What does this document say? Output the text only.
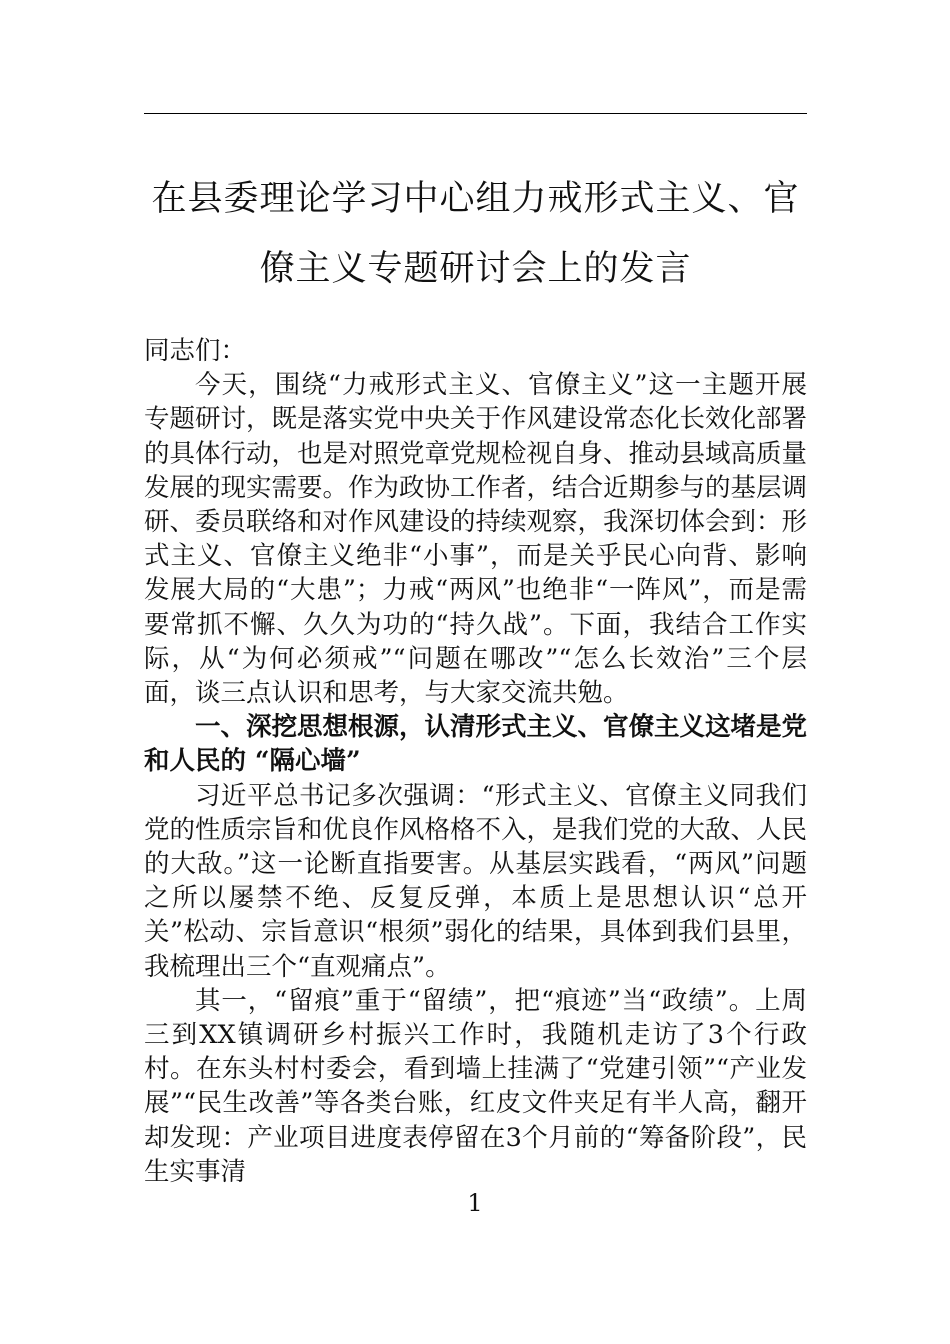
在县委理论学习中心组力戒形式主义、官僚主义专题研讨会上的发言

同志们：

今天，围绕“力戒形式主义、官僚主义”这一主题开展专题研讨，既是落实党中央关于作风建设常态化长效化部署的具体行动，也是对照党章党规检视自身、推动县域高质量发展的现实需要。作为政协工作者，结合近期参与的基层调研、委员联络和对作风建设的持续观察，我深切体会到：形式主义、官僚主义绝非“小事”，而是关乎民心向背、影响发展大局的“大患”；力戒“两风”也绝非“一阵风”，而是需要常抓不懈、久久为功的“持久战”。下面，我结合工作实际，从“为何必须戒”“问题在哪改”“怎么长效治”三个层面，谈三点认识和思考，与大家交流共勉。

一、深挖思想根源，认清形式主义、官僚主义这堵是党和人民的 “隔心墙”

习近平总书记多次强调：“形式主义、官僚主义同我们党的性质宗旨和优良作风格格不入，是我们党的大敌、人民的大敌。”这一论断直指要害。从基层实践看，“两风”问题之所以屡禁不绝、反复反弹，本质上是思想认识“总开关”松动、宗旨意识“根须”弱化的结果，具体到我们县里，我梳理出三个“直观痛点”。

其一，“留痕”重于“留绩”，把“痕迹”当“政绩”。上周三到XX镇调研乡村振兴工作时，我随机走访了3个行政村。在东头村村委会，看到墙上挂满了“党建引领”“产业发展”“民生改善”等各类台账，红皮文件夹足有半人高，翻开却发现：产业项目进度表停留在3个月前的“筹备阶段”，民生实事清

1
